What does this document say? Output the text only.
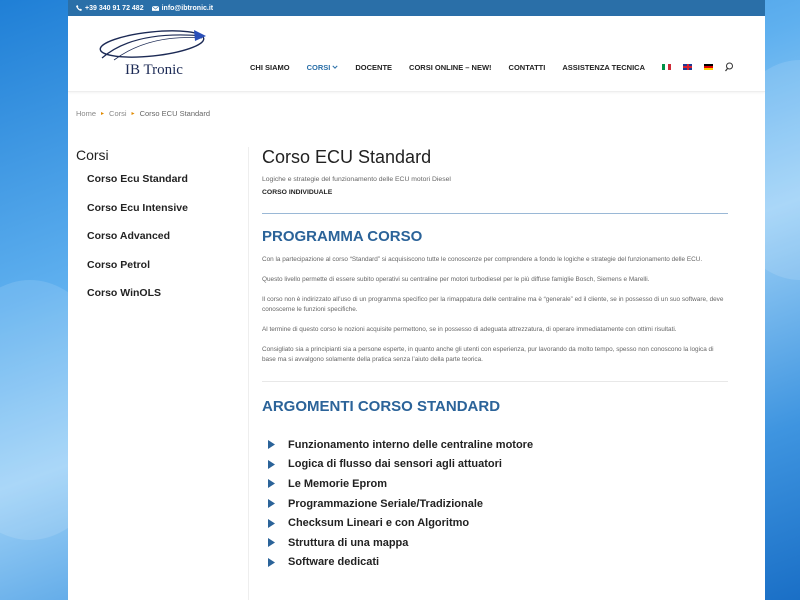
+39 340 91 72 482	info@ibtronic.it
IB Tronic	CHI SIAMO CORSI	DOCENTE CORSI ONLINE – NEW! CONTATTI ASSISTENZA TECNICA
Home ▸ Corsi ▸ Corso ECU Standard
Corsi
Corso Ecu Standard
Corso Ecu Intensive
Corso Advanced
Corso Petrol
Corso WinOLS
Corso ECU Standard
Logiche e strategie del funzionamento delle ECU motori Diesel
CORSO INDIVIDUALE
PROGRAMMA CORSO

Con la partecipazione al corso “Standard” si acquisiscono tutte le conoscenze per comprendere a fondo le logiche e strategie del funzionamento delle ECU.

Questo livello permette di essere subito operativi su centraline per motori turbodiesel per le più diffuse famiglie Bosch, Siemens e Marelli.

Il corso non è indirizzato all’uso di un programma specifico per la rimappatura delle centraline ma è “generale” ed il cliente, se in possesso di un suo software, deve conoscerne le funzioni specifiche.

Al termine di questo corso le nozioni acquisite permettono, se in possesso di adeguata attrezzatura, di operare immediatamente con ottimi risultati.

Consigliato sia a principianti sia a persone esperte, in quanto anche gli utenti con esperienza, pur lavorando da molto tempo, spesso non conoscono la logica di base ma si avvalgono solamente della pratica senza l’aiuto della parte teorica.

ARGOMENTI CORSO STANDARD
Funzionamento interno delle centraline motore
Logica di flusso dai sensori agli attuatori
Le Memorie Eprom
Programmazione Seriale/Tradizionale
Checksum Lineari e con Algoritmo
Struttura di una mappa
Software dedicati
